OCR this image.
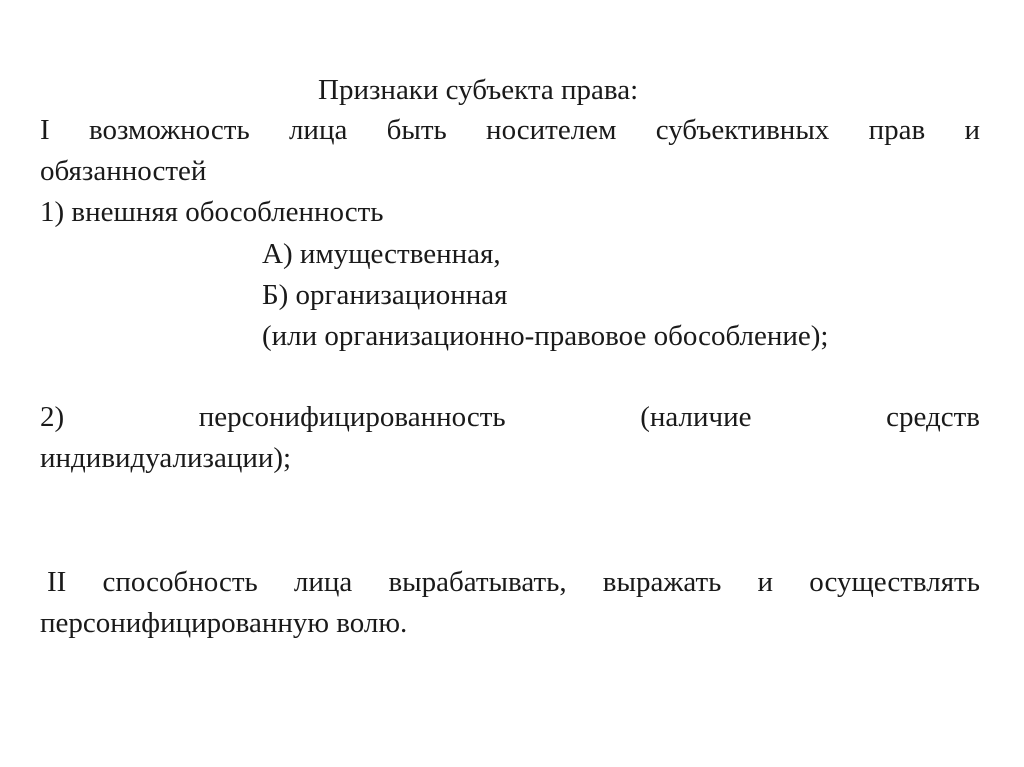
Признаки субъекта права:
I возможность лица быть носителем субъективных прав и
обязанностей
1) внешняя обособленность
А) имущественная,
Б) организационная
(или организационно-правовое обособление);
2)	персонифицированность	(наличие	средств
индивидуализации);
II способность лица вырабатывать, выражать и осуществлять
персонифицированную волю.
